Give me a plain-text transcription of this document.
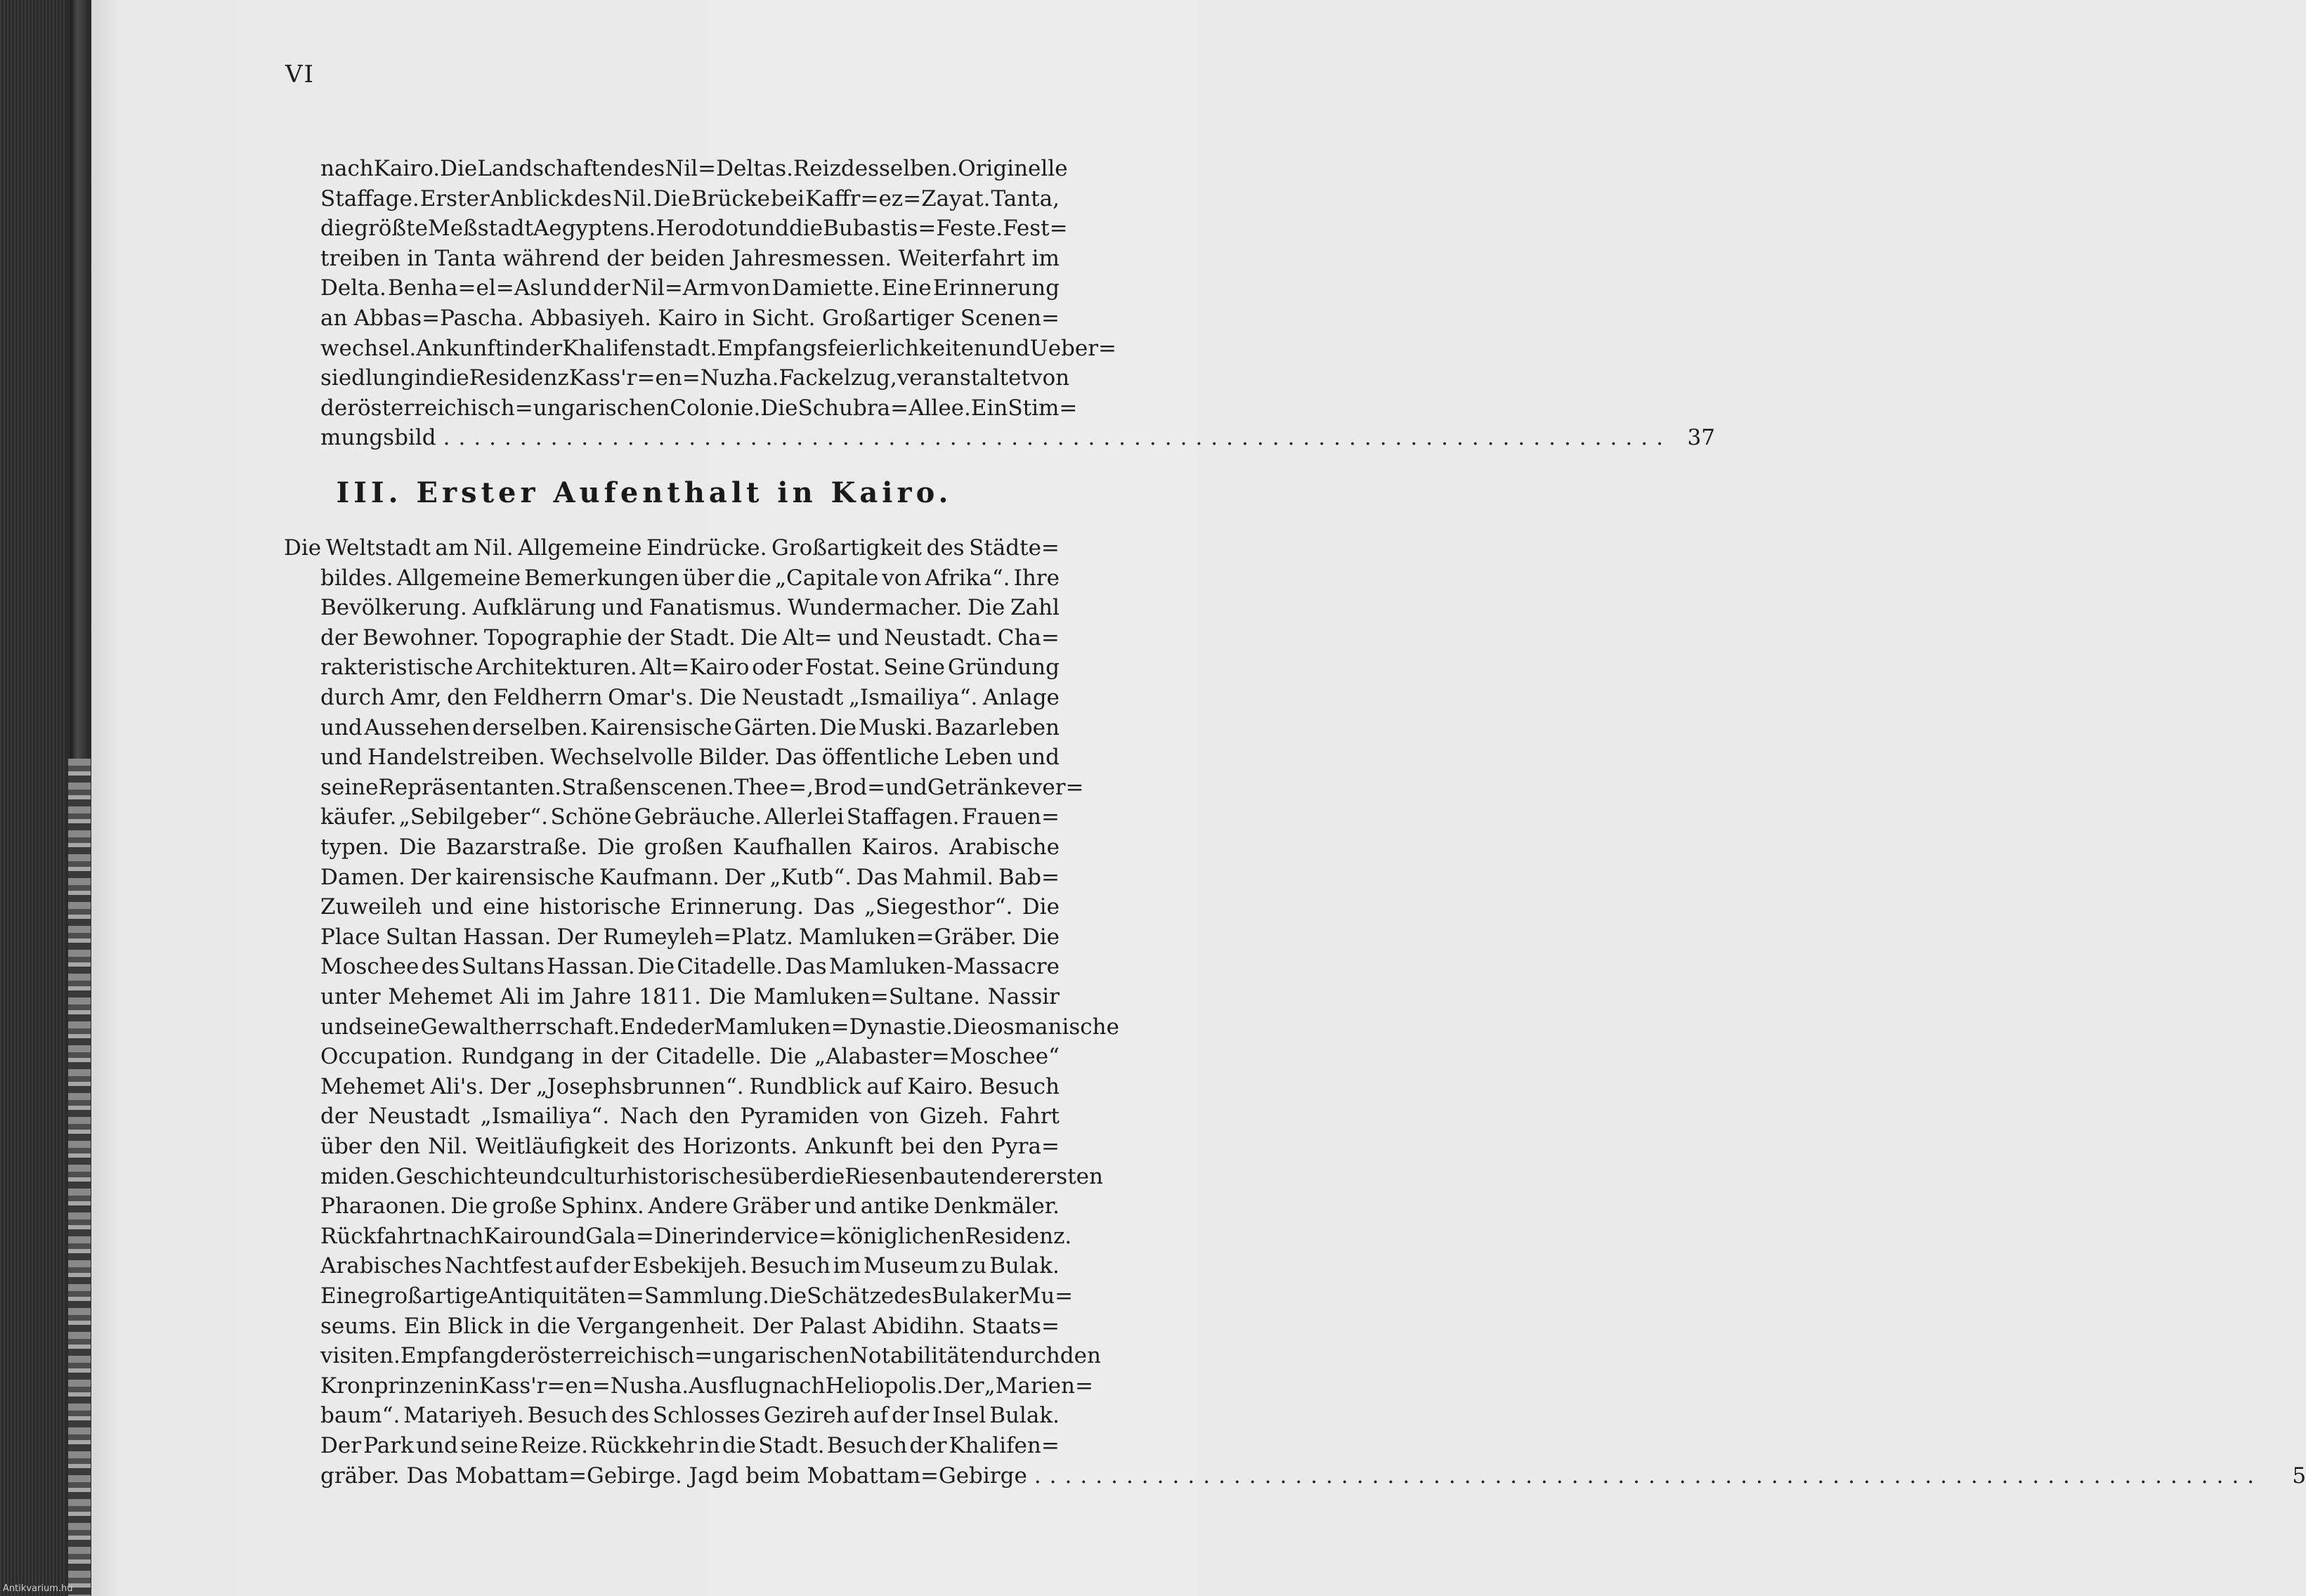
VI
nach Kairo. Die Landschaften des Nil=Deltas. Reiz desselben. Originelle
Staffage. Erster Anblick des Nil. Die Brücke bei Kaffr=ez=Zayat. Tanta,
die größte Meßstadt Aegyptens. Herodot und die Bubastis=Feste. Fest=
treiben in Tanta während der beiden Jahresmessen. Weiterfahrt im
Delta. Benha=el=Asl und der Nil=Arm von Damiette. Eine Erinnerung
an Abbas=Pascha. Abbasiyeh. Kairo in Sicht. Großartiger Scenen=
wechsel. Ankunft in der Khalifenstadt. Empfangsfeierlichkeiten und Ueber=
siedlung in die Residenz Kass'r=en=Nuzha. Fackelzug, veranstaltet von
der österreichisch=ungarischen Colonie. Die Schubra=Allee. Ein Stim=
mungsbild ................................................................................ 37
III. Erster Aufenthalt in Kairo.
Die Weltstadt am Nil. Allgemeine Eindrücke. Großartigkeit des Städte=
bildes. Allgemeine Bemerkungen über die „Capitale von Afrika“. Ihre
Bevölkerung. Aufklärung und Fanatismus. Wundermacher. Die Zahl
der Bewohner. Topographie der Stadt. Die Alt= und Neustadt. Cha=
rakteristische Architekturen. Alt=Kairo oder Fostat. Seine Gründung
durch Amr, den Feldherrn Omar's. Die Neustadt „Ismailiya“. Anlage
und Aussehen derselben. Kairensische Gärten. Die Muski. Bazarleben
und Handelstreiben. Wechselvolle Bilder. Das öffentliche Leben und
seine Repräsentanten. Straßenscenen. Thee=, Brod= und Getränkever=
käufer. „Sebilgeber“. Schöne Gebräuche. Allerlei Staffagen. Frauen=
typen. Die Bazarstraße. Die großen Kaufhallen Kairos. Arabische
Damen. Der kairensische Kaufmann. Der „Kutb“. Das Mahmil. Bab=
Zuweileh und eine historische Erinnerung. Das „Siegesthor“. Die
Place Sultan Hassan. Der Rumeyleh=Platz. Mamluken=Gräber. Die
Moschee des Sultans Hassan. Die Citadelle. Das Mamluken-Massacre
unter Mehemet Ali im Jahre 1811. Die Mamluken=Sultane. Nassir
und seine Gewaltherrschaft. Ende der Mamluken=Dynastie. Die osmanische
Occupation. Rundgang in der Citadelle. Die „Alabaster=Moschee“
Mehemet Ali's. Der „Josephsbrunnen“. Rundblick auf Kairo. Besuch
der Neustadt „Ismailiya“. Nach den Pyramiden von Gizeh. Fahrt
über den Nil. Weitläufigkeit des Horizonts. Ankunft bei den Pyra=
miden. Geschichte und culturhistorisches über die Riesenbauten der ersten
Pharaonen. Die große Sphinx. Andere Gräber und antike Denkmäler.
Rückfahrt nach Kairo und Gala=Diner in der vice=königlichen Residenz.
Arabisches Nachtfest auf der Esbekijeh. Besuch im Museum zu Bulak.
Eine großartige Antiquitäten=Sammlung. Die Schätze des Bulaker Mu=
seums. Ein Blick in die Vergangenheit. Der Palast Abidihn. Staats=
visiten. Empfang der österreichisch=ungarischen Notabilitäten durch den
Kronprinzen in Kass'r=en=Nusha. Ausflug nach Heliopolis. Der „Marien=
baum“. Matariyeh. Besuch des Schlosses Gezireh auf der Insel Bulak.
Der Park und seine Reize. Rückkehr in die Stadt. Besuch der Khalifen=
gräber. Das Mobattam=Gebirge. Jagd beim Mobattam=Gebirge ................................................................................	5
Antikvarium.hu
